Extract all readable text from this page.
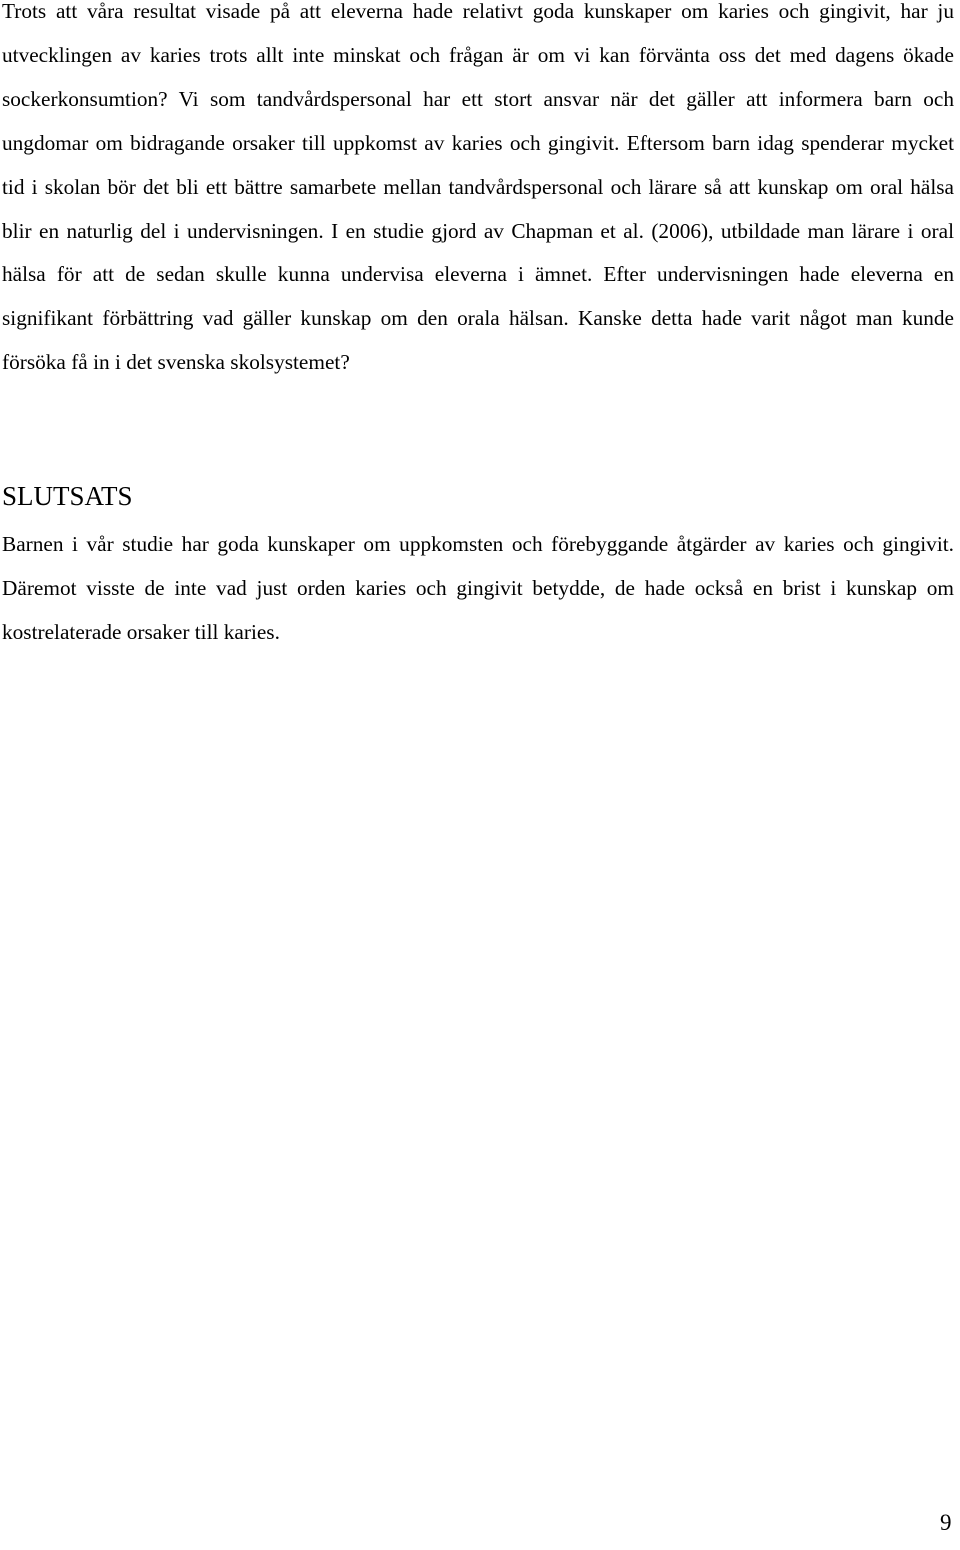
Trots att våra resultat visade på att eleverna hade relativt goda kunskaper om karies och gingivit, har ju utvecklingen av karies trots allt inte minskat och frågan är om vi kan förvänta oss det med dagens ökade sockerkonsumtion? Vi som tandvårdspersonal har ett stort ansvar när det gäller att informera barn och ungdomar om bidragande orsaker till uppkomst av karies och gingivit. Eftersom barn idag spenderar mycket tid i skolan bör det bli ett bättre samarbete mellan tandvårdspersonal och lärare så att kunskap om oral hälsa blir en naturlig del i undervisningen. I en studie gjord av Chapman et al. (2006), utbildade man lärare i oral hälsa för att de sedan skulle kunna undervisa eleverna i ämnet. Efter undervisningen hade eleverna en signifikant förbättring vad gäller kunskap om den orala hälsan. Kanske detta hade varit något man kunde försöka få in i det svenska skolsystemet?

SLUTSATS

Barnen i vår studie har goda kunskaper om uppkomsten och förebyggande åtgärder av karies och gingivit. Däremot visste de inte vad just orden karies och gingivit betydde, de hade också en brist i kunskap om kostrelaterade orsaker till karies.

9
